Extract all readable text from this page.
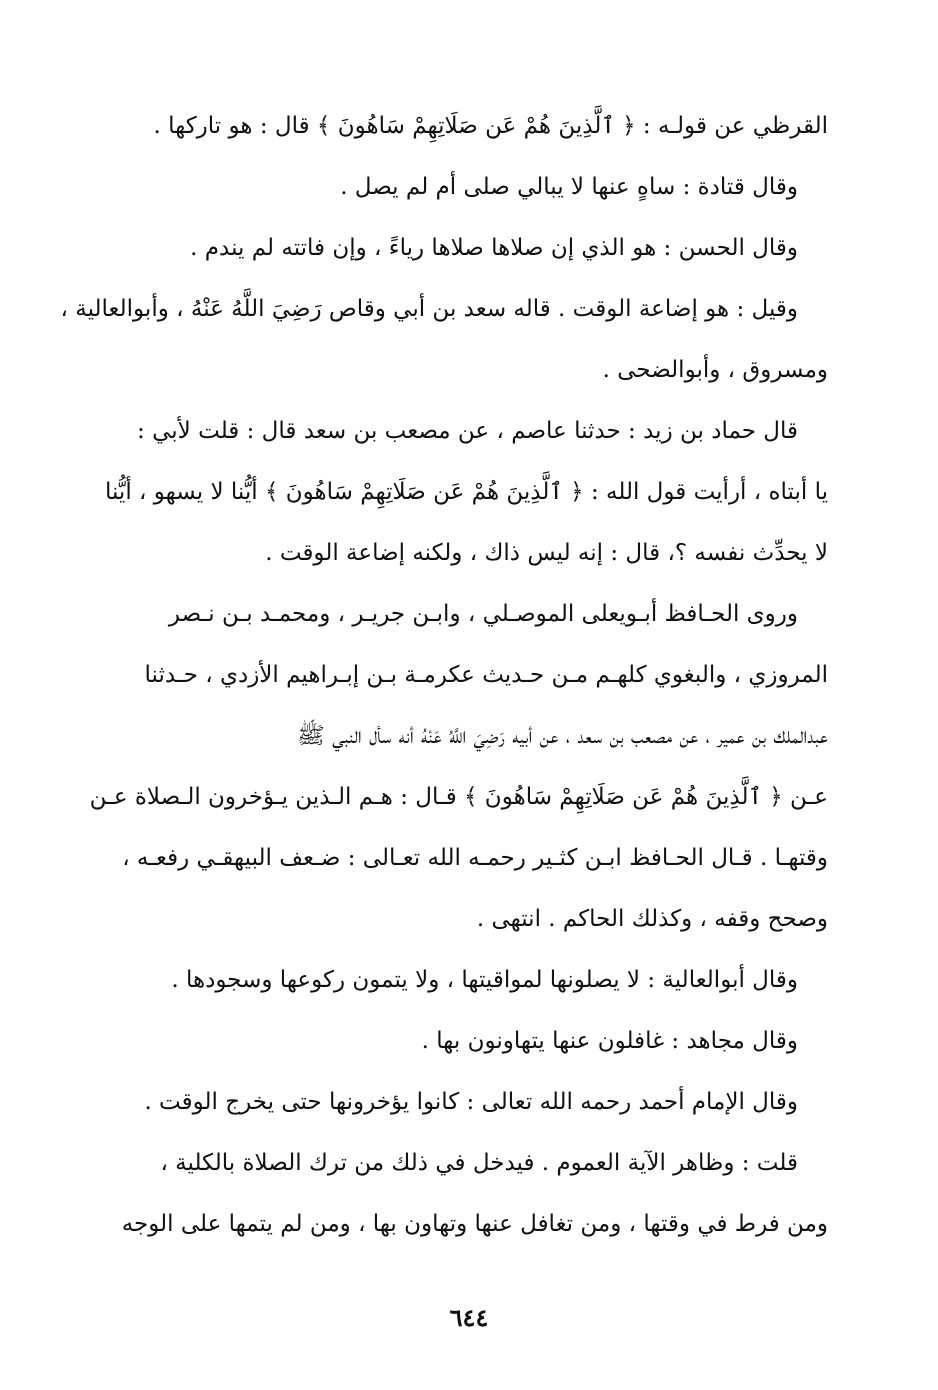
القرظي عن قولـه : ﴿ ٱلَّذِينَ هُمْ عَن صَلَاتِهِمْ سَاهُونَ ﴾ قال : هو تاركها .
وقال قتادة : ساهٍ عنها لا يبالي صلى أم لم يصل .
وقال الحسن : هو الذي إن صلاها صلاها رياءً ، وإن فاتته لم يندم .
وقيل : هو إضاعة الوقت . قاله سعد بن أبي وقاص رَضِيَ اللَّهُ عَنْهُ ، وأبوالعالية ،
ومسروق ، وأبوالضحى .
قال حماد بن زيد : حدثنا عاصم ، عن مصعب بن سعد قال : قلت لأبي :
يا أبتاه ، أرأيت قول الله : ﴿ ٱلَّذِينَ هُمْ عَن صَلَاتِهِمْ سَاهُونَ ﴾ أيُّنا لا يسهو ، أيُّنا
لا يحدِّث نفسه ؟، قال : إنه ليس ذاك ، ولكنه إضاعة الوقت .
وروى الحـافظ أبـويعلى الموصـلي ، وابـن جريـر ، ومحمـد بـن نـصر
المروزي ، والبغوي كلهـم مـن حـديث عكرمـة بـن إبـراهيم الأزدي ، حـدثنا
عبدالملك بن عمير ، عن مصعب بن سعد ، عن أبيه رَضِيَ اللَّهُ عَنْهُ أنه سأل النبي ﷺ
عـن ﴿ ٱلَّذِينَ هُمْ عَن صَلَاتِهِمْ سَاهُونَ ﴾ قـال : هـم الـذين يـؤخرون الـصلاة عـن
وقتهـا . قـال الحـافظ ابـن كثـير رحمـه الله تعـالى : ضـعف البيهقـي رفعـه ،
وصحح وقفه ، وكذلك الحاكم . انتهى .
وقال أبوالعالية : لا يصلونها لمواقيتها ، ولا يتمون ركوعها وسجودها .
وقال مجاهد : غافلون عنها يتهاونون بها .
وقال الإمام أحمد رحمه الله تعالى : كانوا يؤخرونها حتى يخرج الوقت .
قلت : وظاهر الآية العموم . فيدخل في ذلك من ترك الصلاة بالكلية ،
ومن فرط في وقتها ، ومن تغافل عنها وتهاون بها ، ومن لم يتمها على الوجه
٦٤٤
